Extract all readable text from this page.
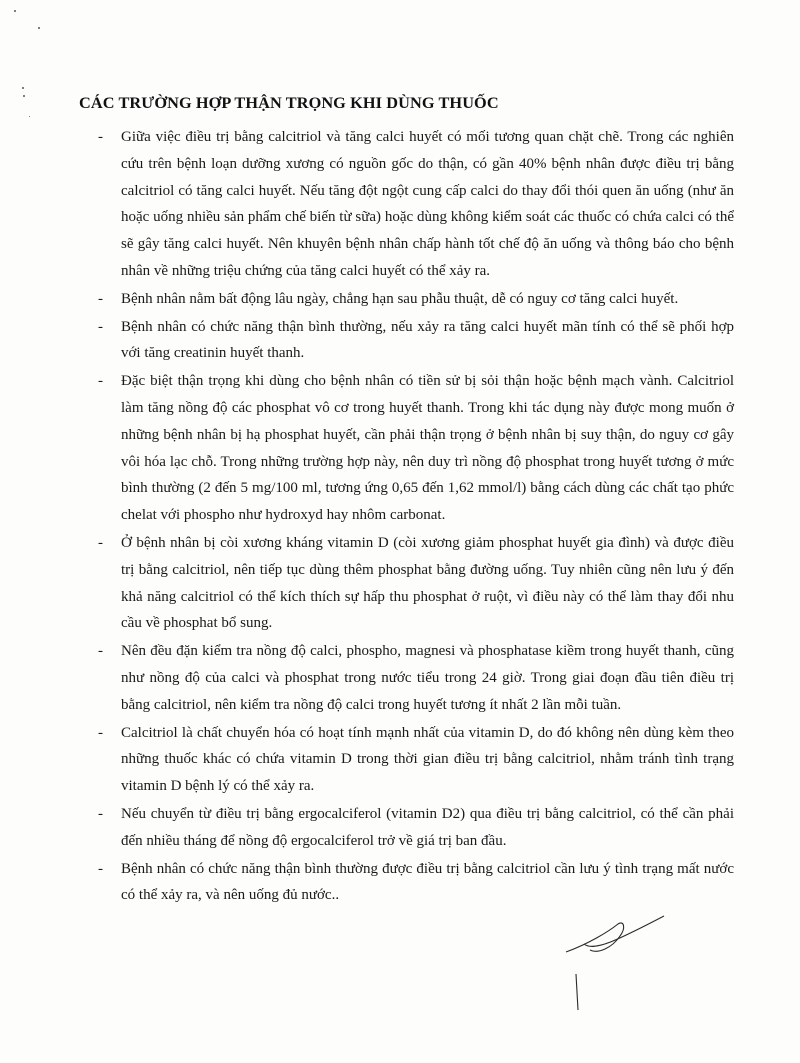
CÁC TRƯỜNG HỢP THẬN TRỌNG KHI DÙNG THUỐC
-	Giữa việc điều trị bằng calcitriol và tăng calci huyết có mối tương quan chặt chẽ. Trong các nghiên cứu trên bệnh loạn dưỡng xương có nguồn gốc do thận, có gần 40% bệnh nhân được điều trị bằng calcitriol có tăng calci huyết. Nếu tăng đột ngột cung cấp calci do thay đổi thói quen ăn uống (như ăn hoặc uống nhiều sản phẩm chế biến từ sữa) hoặc dùng không kiểm soát các thuốc có chứa calci có thể sẽ gây tăng calci huyết. Nên khuyên bệnh nhân chấp hành tốt chế độ ăn uống và thông báo cho bệnh nhân về những triệu chứng của tăng calci huyết có thể xảy ra.
-	Bệnh nhân nằm bất động lâu ngày, chẳng hạn sau phẫu thuật, dễ có nguy cơ tăng calci huyết.
-	Bệnh nhân có chức năng thận bình thường, nếu xảy ra tăng calci huyết mãn tính có thể sẽ phối hợp với tăng creatinin huyết thanh.
-	Đặc biệt thận trọng khi dùng cho bệnh nhân có tiền sử bị sỏi thận hoặc bệnh mạch vành. Calcitriol làm tăng nồng độ các phosphat vô cơ trong huyết thanh. Trong khi tác dụng này được mong muốn ở những bệnh nhân bị hạ phosphat huyết, cần phải thận trọng ở bệnh nhân bị suy thận, do nguy cơ gây vôi hóa lạc chỗ. Trong những trường hợp này, nên duy trì nồng độ phosphat trong huyết tương ở mức bình thường (2 đến 5 mg/100 ml, tương ứng 0,65 đến 1,62 mmol/l) bằng cách dùng các chất tạo phức chelat với phospho như hydroxyd hay nhôm carbonat.
-	Ở bệnh nhân bị còi xương kháng vitamin D (còi xương giảm phosphat huyết gia đình) và được điều trị bằng calcitriol, nên tiếp tục dùng thêm phosphat bằng đường uống. Tuy nhiên cũng nên lưu ý đến khả năng calcitriol có thể kích thích sự hấp thu phosphat ở ruột, vì điều này có thể làm thay đổi nhu cầu về phosphat bổ sung.
-	Nên đều đặn kiểm tra nồng độ calci, phospho, magnesi và phosphatase kiềm trong huyết thanh, cũng như nồng độ của calci và phosphat trong nước tiểu trong 24 giờ. Trong giai đoạn đầu tiên điều trị bằng calcitriol, nên kiểm tra nồng độ calci trong huyết tương ít nhất 2 lần mỗi tuần.
-	Calcitriol là chất chuyển hóa có hoạt tính mạnh nhất của vitamin D, do đó không nên dùng kèm theo những thuốc khác có chứa vitamin D trong thời gian điều trị bằng calcitriol, nhằm tránh tình trạng vitamin D bệnh lý có thể xảy ra.
-	Nếu chuyển từ điều trị bằng ergocalciferol (vitamin D2) qua điều trị bằng calcitriol, có thể cần phải đến nhiều tháng để nồng độ ergocalciferol trở về giá trị ban đầu.
-	Bệnh nhân có chức năng thận bình thường được điều trị bằng calcitriol cần lưu ý tình trạng mất nước có thể xảy ra, và nên uống đủ nước..
